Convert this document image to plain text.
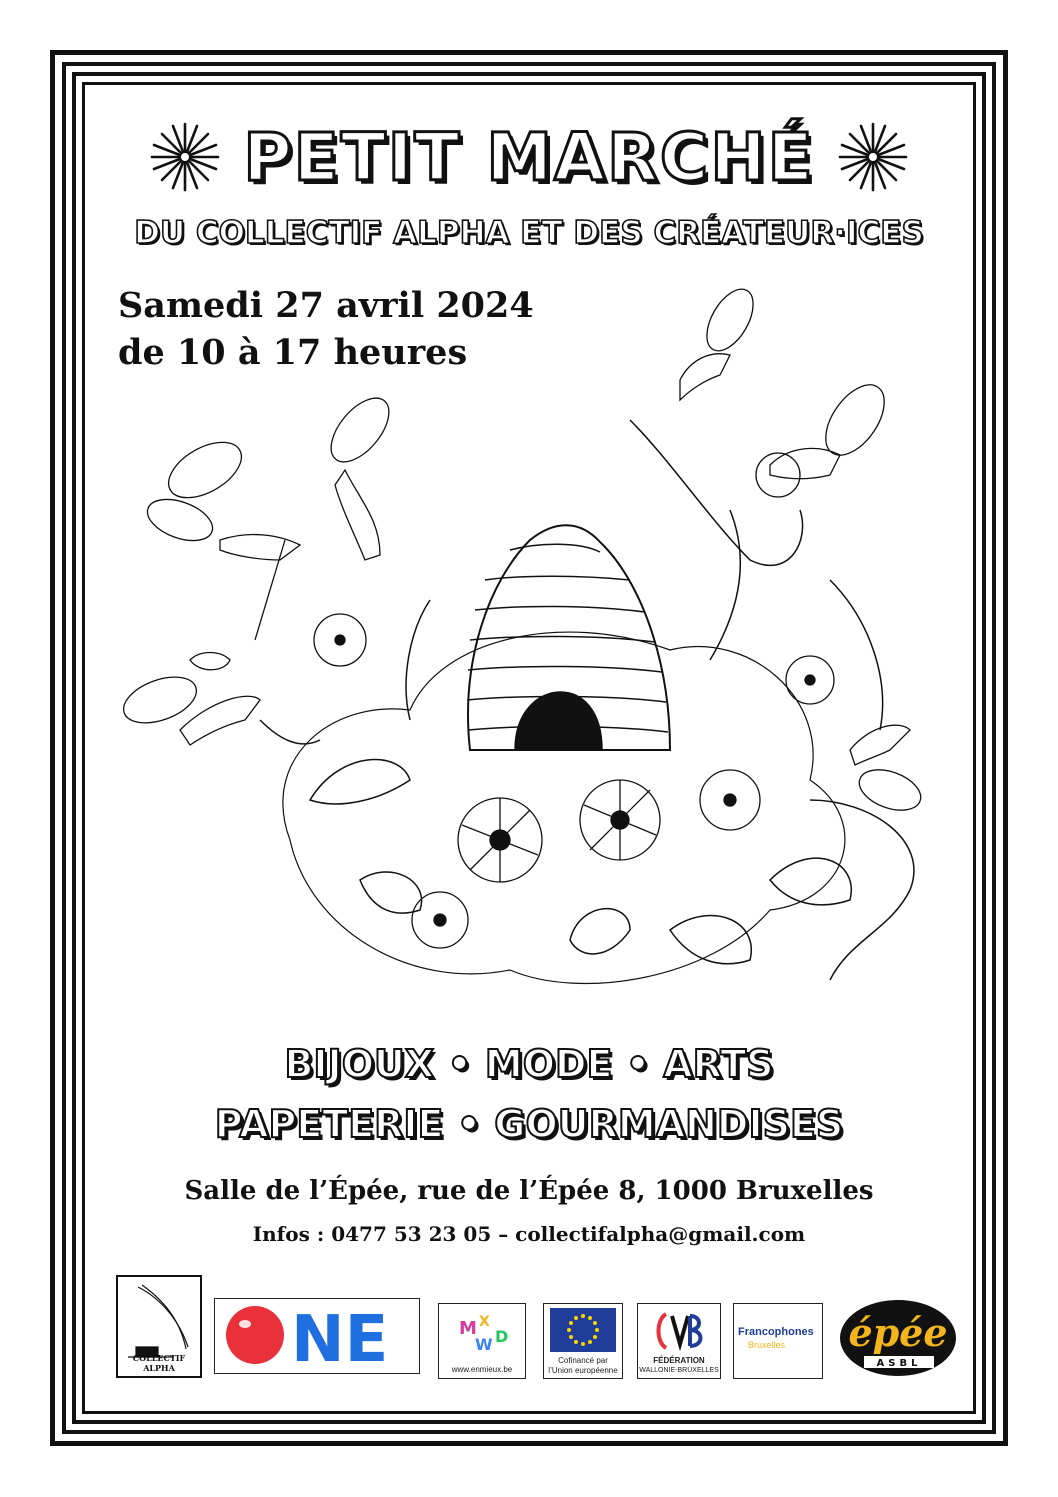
PETIT MARCHÉ
DU COLLECTIF ALPHA ET DES CRÉATEUR·ICES
Samedi 27 avril 2024
de 10 à 17 heures
BIJOUX • MODE • ARTS
PAPETERIE • GOURMANDISES
Salle de l’Épée, rue de l’Épée 8, 1000 Bruxelles
Infos : 0477 53 23 05 – collectifalpha@gmail.com
COLLECTIF ALPHA	NE	M X
W D
www.enmieux.be
Cofinancé par
l’Union européenne
FÉDÉRATION
WALLONIE-BRUXELLES
Francophones
Bruxelles épée
ASBL
